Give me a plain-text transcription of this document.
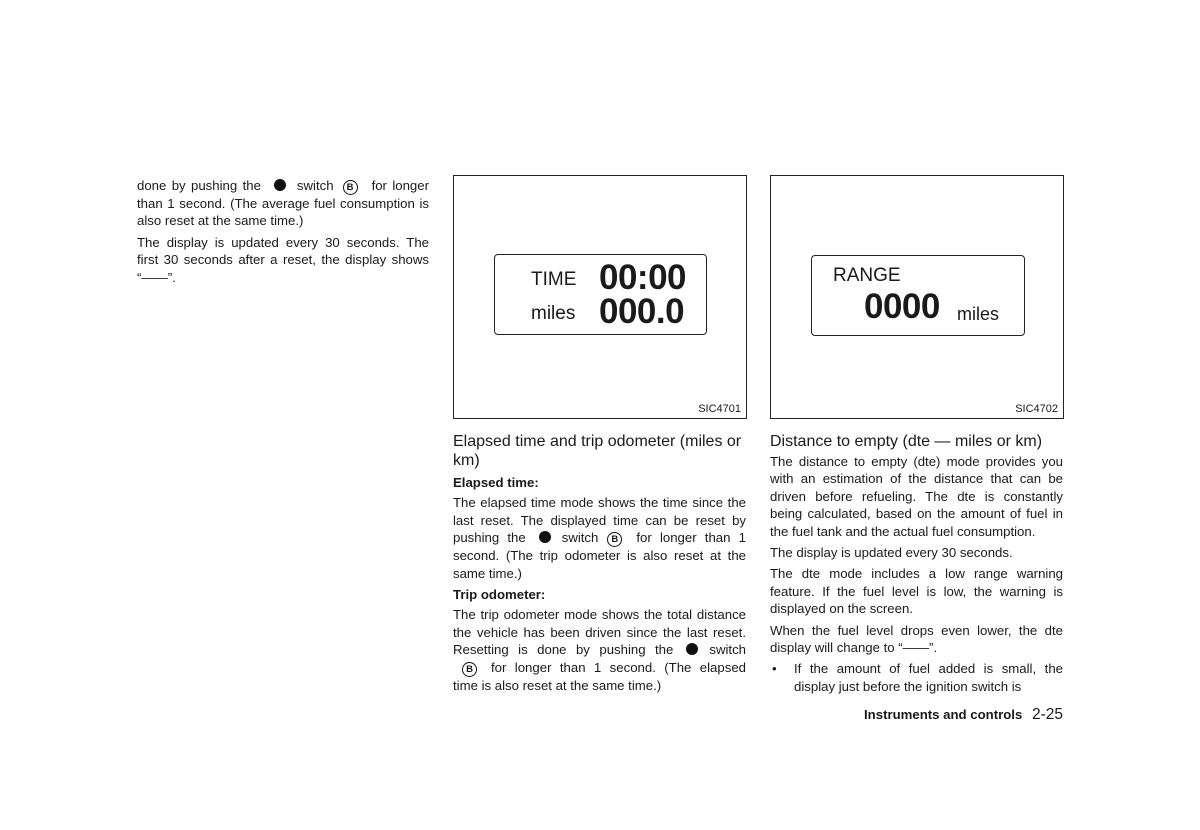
done by pushing the	switch B for longer than 1 second. (The average fuel consumption is also reset at the same time.)

The display is updated every 30 seconds. The first 30 seconds after a reset, the display shows “——”.	TIME 00:00
miles 000.0
SIC4701
RANGE
0000 miles
SIC4702
Elapsed time and trip odometer (miles or km)
Elapsed time:

The elapsed time mode shows the time since the last reset. The displayed time can be reset by pushing the	switch B for longer than 1 second. (The trip odometer is also reset at the same time.)

Trip odometer:

The trip odometer mode shows the total distance the vehicle has been driven since the last reset. Resetting is done by pushing the	switchB for longer than 1 second. (The elapsed time is also reset at the same time.)

Distance to empty (dte — miles or km)

The distance to empty (dte) mode provides you with an estimation of the distance that can be driven before refueling. The dte is constantly being calculated, based on the amount of fuel in the fuel tank and the actual fuel consumption.

The display is updated every 30 seconds.

The dte mode includes a low range warning feature. If the fuel level is low, the warning is displayed on the screen.

When the fuel level drops even lower, the dte display will change to “——”.

• If the amount of fuel added is small, the display just before the ignition switch is
Instruments and controls 2-25
